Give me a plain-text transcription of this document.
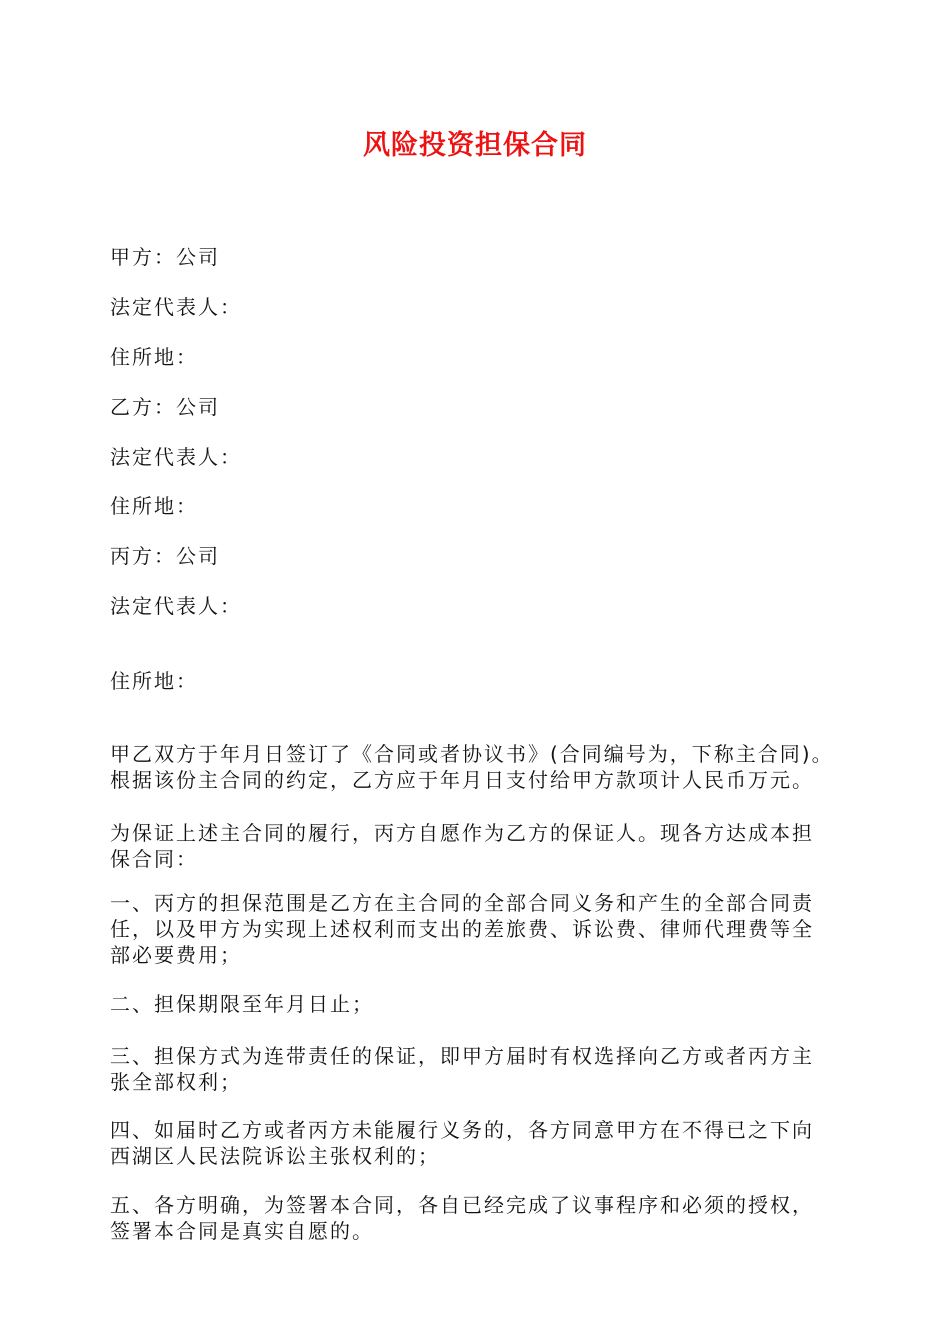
风险投资担保合同
甲方：公司
法定代表人：
住所地：
乙方：公司
法定代表人：
住所地：
丙方：公司
法定代表人：
住所地：
甲乙双方于年月日签订了《合同或者协议书》(合同编号为，下称主合同)。
根据该份主合同的约定，乙方应于年月日支付给甲方款项计人民币万元。
为保证上述主合同的履行，丙方自愿作为乙方的保证人。现各方达成本担
保合同：
一、丙方的担保范围是乙方在主合同的全部合同义务和产生的全部合同责
任，以及甲方为实现上述权利而支出的差旅费、诉讼费、律师代理费等全
部必要费用；
二、担保期限至年月日止；
三、担保方式为连带责任的保证，即甲方届时有权选择向乙方或者丙方主
张全部权利；
四、如届时乙方或者丙方未能履行义务的，各方同意甲方在不得已之下向
西湖区人民法院诉讼主张权利的；
五、各方明确，为签署本合同，各自已经完成了议事程序和必须的授权，
签署本合同是真实自愿的。
